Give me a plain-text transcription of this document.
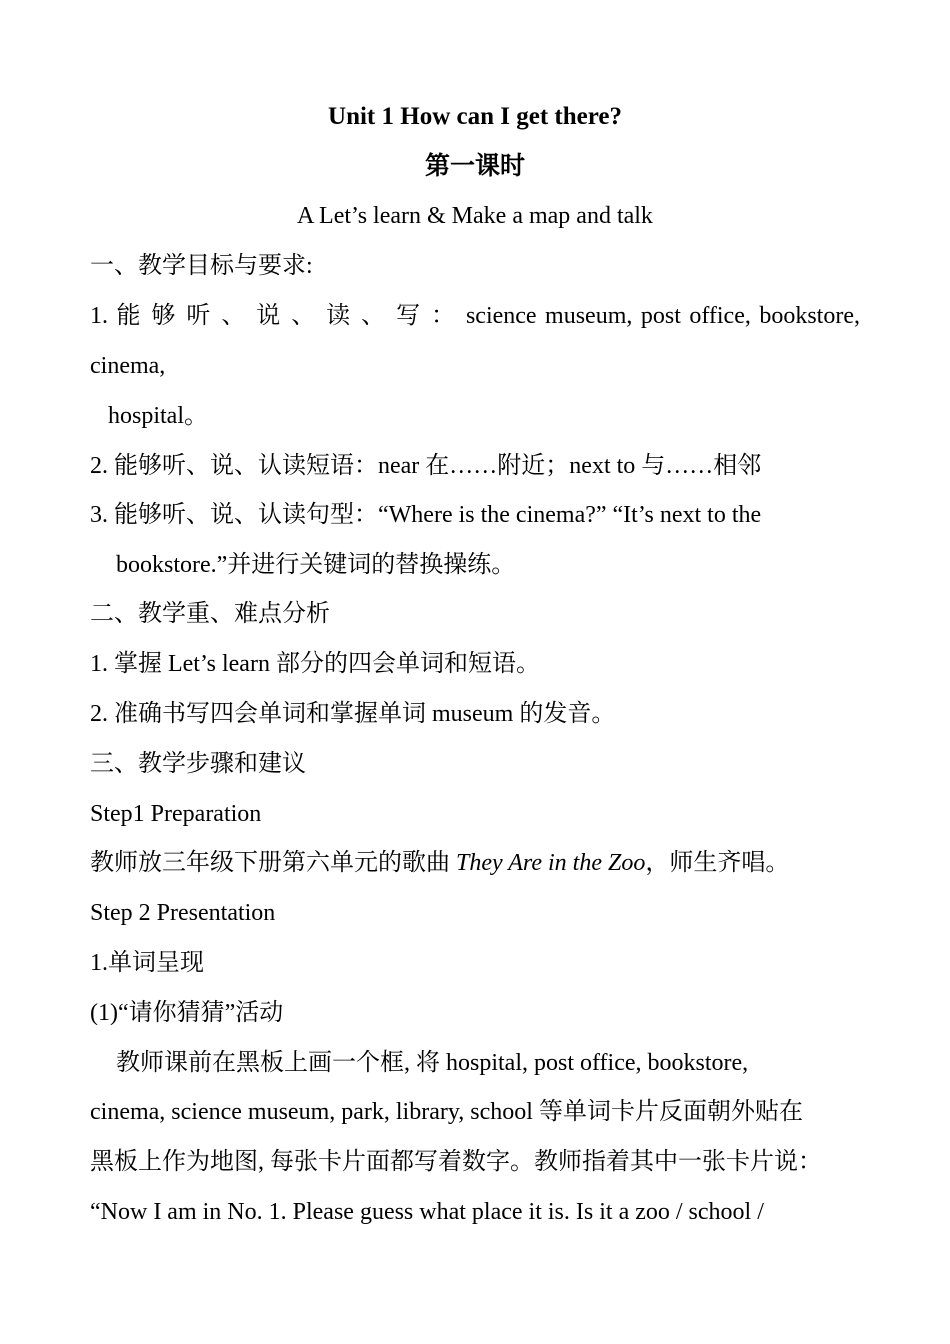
Unit 1 How can I get there?
第一课时
A Let’s learn & Make a map and talk
一、教学目标与要求:
1. 能 够 听 、 说 、 读 、 写 ： science museum, post office, bookstore,
cinema,
hospital。
2. 能够听、说、认读短语：near 在……附近；next to 与……相邻
3. 能够听、说、认读句型：“Where is the cinema?” “It’s next to the
bookstore.”并进行关键词的替换操练。
二、教学重、难点分析
1. 掌握 Let’s learn 部分的四会单词和短语。
2. 准确书写四会单词和掌握单词 museum 的发音。
三、教学步骤和建议
Step1 Preparation
教师放三年级下册第六单元的歌曲 They Are in the Zoo，师生齐唱。
Step 2 Presentation
1.单词呈现
(1)“请你猜猜”活动
教师课前在黑板上画一个框, 将 hospital, post office, bookstore,
cinema, science museum, park, library, school 等单词卡片反面朝外贴在
黑板上作为地图, 每张卡片面都写着数字。教师指着其中一张卡片说：
“Now I am in No. 1. Please guess what place it is. Is it a zoo / school /
